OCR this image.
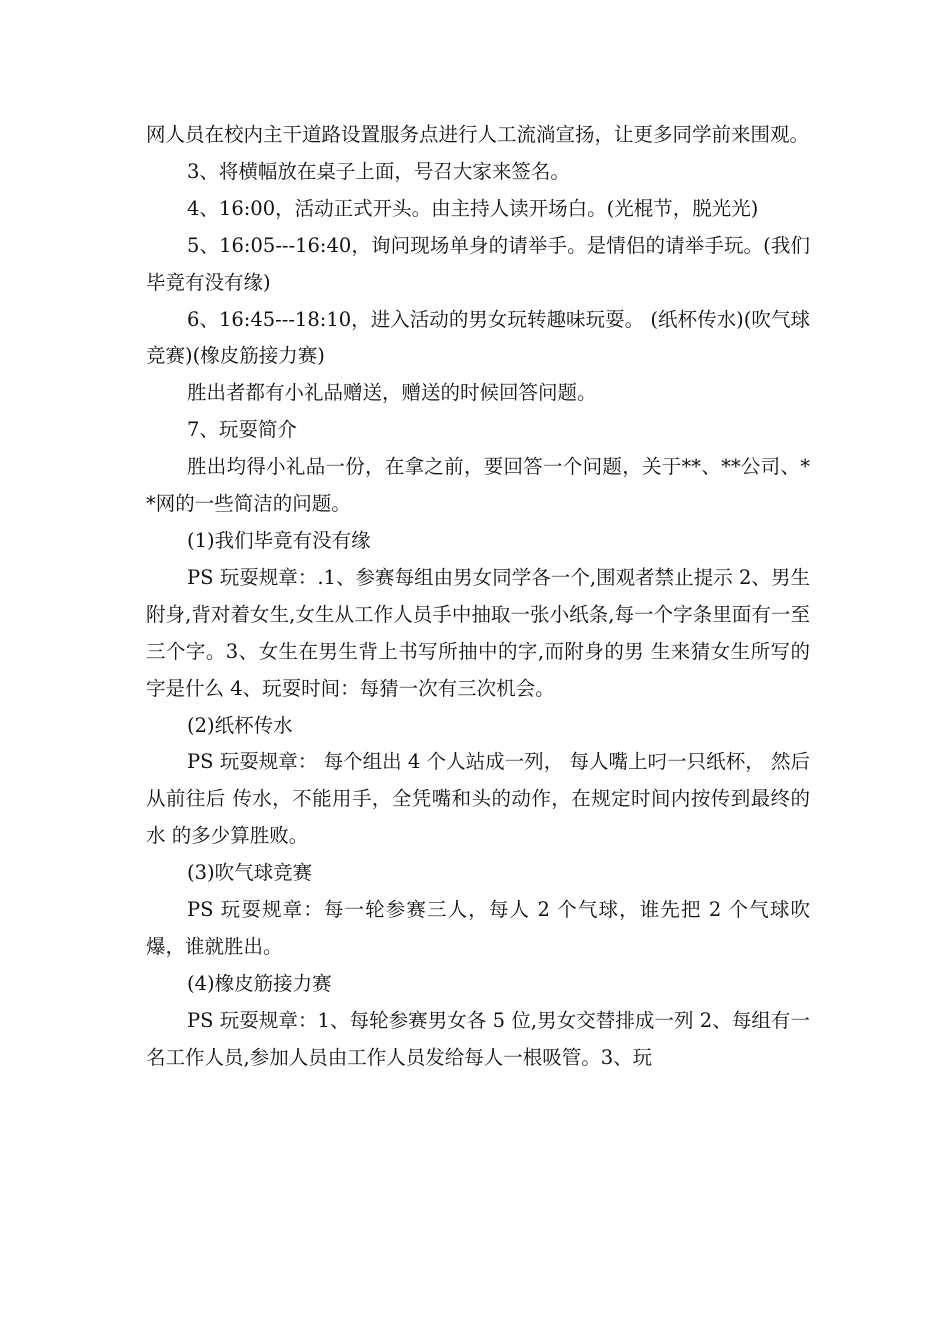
网人员在校内主干道路设置服务点进行人工流淌宣扬，让更多同学前来围观。

3、将横幅放在桌子上面，号召大家来签名。

4、16:00，活动正式开头。由主持人读开场白。(光棍节，脱光光)

5、16:05---16:40，询问现场单身的请举手。是情侣的请举手玩。(我们毕竟有没有缘)

6、16:45---18:10，进入活动的男女玩转趣味玩耍。 (纸杯传水)(吹气球竞赛)(橡皮筋接力赛)

胜出者都有小礼品赠送，赠送的时候回答问题。

7、玩耍简介

胜出均得小礼品一份，在拿之前，要回答一个问题，关于**、**公司、**网的一些简洁的问题。

(1)我们毕竟有没有缘

PS 玩耍规章：.1、参赛每组由男女同学各一个,围观者禁止提示 2、男生附身,背对着女生,女生从工作人员手中抽取一张小纸条,每一个字条里面有一至三个字。3、女生在男生背上书写所抽中的字,而附身的男 生来猜女生所写的字是什么 4、玩耍时间：每猜一次有三次机会。

(2)纸杯传水

PS 玩耍规章： 每个组出 4 个人站成一列， 每人嘴上叼一只纸杯， 然后从前往后 传水，不能用手，全凭嘴和头的动作，在规定时间内按传到最终的水 的多少算胜败。

(3)吹气球竞赛

PS 玩耍规章：每一轮参赛三人，每人 2 个气球，谁先把 2 个气球吹爆，谁就胜出。

(4)橡皮筋接力赛

PS 玩耍规章：1、每轮参赛男女各 5 位,男女交替排成一列 2、每组有一名工作人员,参加人员由工作人员发给每人一根吸管。3、玩
